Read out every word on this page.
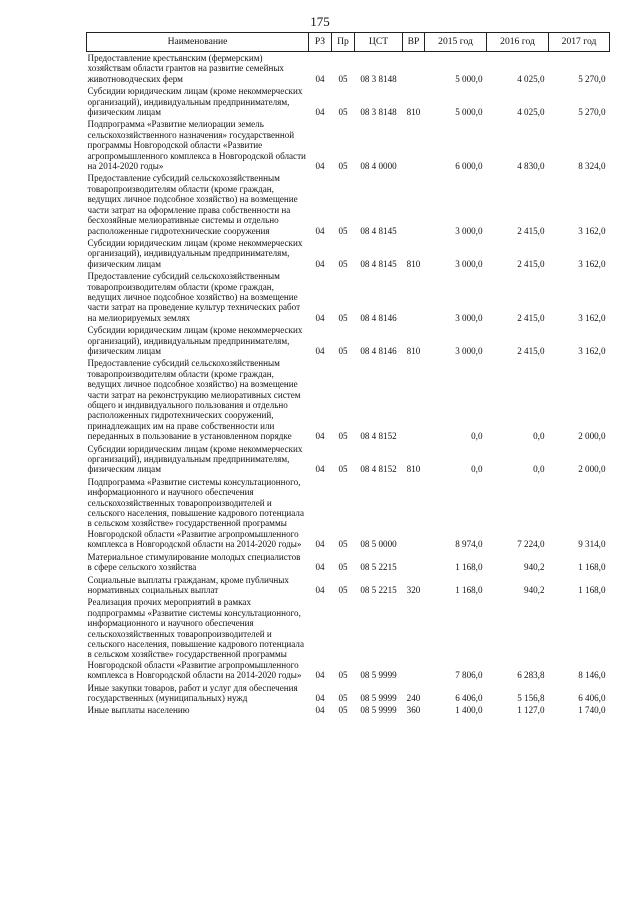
175
Наименование	РЗ	Пр	ЦСТ	ВР	2015 год	2016 год	2017 год
Предоставление крестьянским (фермерским) хозяйствам области грантов на развитие семейных животноводческих ферм	04	05	08 3 8148		5 000,0	4 025,0	5 270,0
Субсидии юридическим лицам (кроме некоммерческих организаций), индивидуальным предпринимателям, физическим лицам	04	05	08 3 8148	810	5 000,0	4 025,0	5 270,0
Подпрограмма «Развитие мелиорации земель сельскохозяйственного назначения» государственной программы Новгородской области «Развитие агропромышленного комплекса в Новгородской области на 2014-2020 годы»	04	05	08 4 0000		6 000,0	4 830,0	8 324,0
Предоставление субсидий сельскохозяйственным товаропроизводителям области (кроме граждан, ведущих личное подсобное хозяйство) на возмещение части затрат на оформление права собственности на бесхозяйные мелиоративные системы и отдельно расположенные гидротехнические сооружения	04	05	08 4 8145		3 000,0	2 415,0	3 162,0
Субсидии юридическим лицам (кроме некоммерческих организаций), индивидуальным предпринимателям, физическим лицам	04	05	08 4 8145	810	3 000,0	2 415,0	3 162,0
Предоставление субсидий сельскохозяйственным товаропроизводителям области (кроме граждан, ведущих личное подсобное хозяйство) на возмещение части затрат на проведение культур технических работ на мелиорируемых землях	04	05	08 4 8146		3 000,0	2 415,0	3 162,0
Субсидии юридическим лицам (кроме некоммерческих организаций), индивидуальным предпринимателям, физическим лицам	04	05	08 4 8146	810	3 000,0	2 415,0	3 162,0
Предоставление субсидий сельскохозяйственным товаропроизводителям области (кроме граждан, ведущих личное подсобное хозяйство) на возмещение части затрат на реконструкцию мелиоративных систем общего и индивидуального пользования и отдельно расположенных гидротехнических сооружений, принадлежащих им на праве собственности или переданных в пользование в установленном порядке	04	05	08 4 8152		0,0	0,0	2 000,0
Субсидии юридическим лицам (кроме некоммерческих организаций), индивидуальным предпринимателям, физическим лицам	04	05	08 4 8152	810	0,0	0,0	2 000,0
Подпрограмма «Развитие системы консультационного, информационного и научного обеспечения сельскохозяйственных товаропроизводителей и сельского населения, повышение кадрового потенциала в сельском хозяйстве» государственной программы Новгородской области «Развитие агропромышленного комплекса в Новгородской области на 2014-2020 годы»	04	05	08 5 0000		8 974,0	7 224,0	9 314,0
Материальное стимулирование молодых специалистов в сфере сельского хозяйства	04	05	08 5 2215		1 168,0	940,2	1 168,0
Социальные выплаты гражданам, кроме публичных нормативных социальных выплат	04	05	08 5 2215	320	1 168,0	940,2	1 168,0
Реализация прочих мероприятий в рамках подпрограммы «Развитие системы консультационного, информационного и научного обеспечения сельскохозяйственных товаропроизводителей и сельского населения, повышение кадрового потенциала в сельском хозяйстве» государственной программы Новгородской области «Развитие агропромышленного комплекса в Новгородской области на 2014-2020 годы»	04	05	08 5 9999		7 806,0	6 283,8	8 146,0
Иные закупки товаров, работ и услуг для обеспечения государственных (муниципальных) нужд	04	05	08 5 9999	240	6 406,0	5 156,8	6 406,0
Иные выплаты населению	04	05	08 5 9999	360	1 400,0	1 127,0	1 740,0
